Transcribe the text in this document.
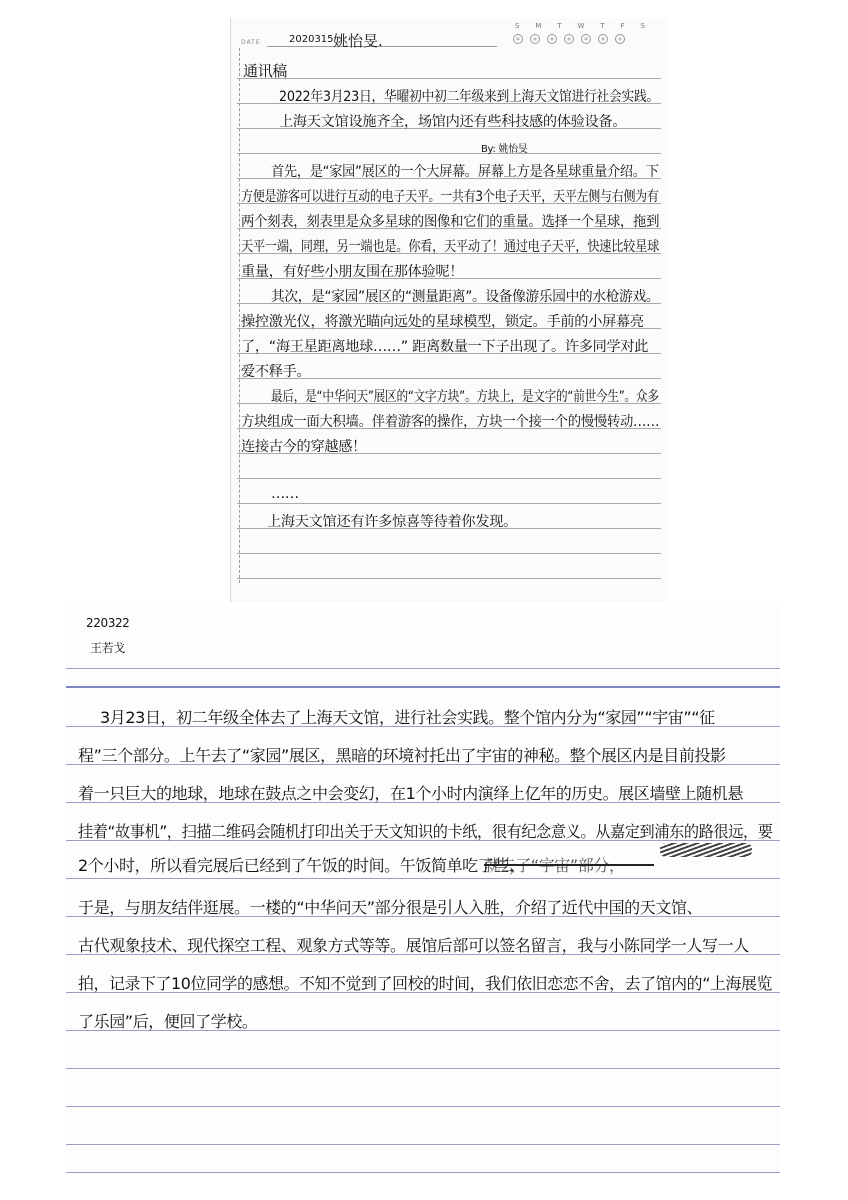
DATE	2020315 姚怡旻.
S M T W T F S
通讯稿
2022年3月23日，华曜初中初二年级来到上海天文馆进行社会实践。
上海天文馆设施齐全，场馆内还有些科技感的体验设备。
By: 姚怡旻
首先，是“家园”展区的一个大屏幕。屏幕上方是各星球重量介绍。下
方便是游客可以进行互动的电子天平。一共有3个电子天平，天平左侧与右侧为有
两个刻表，刻表里是众多星球的图像和它们的重量。选择一个星球，拖到
天平一端，同理，另一端也是。你看，天平动了！通过电子天平，快速比较星球
重量，有好些小朋友围在那体验呢！
其次，是“家园”展区的“测量距离”。设备像游乐园中的水枪游戏。
操控激光仪，将激光瞄向远处的星球模型，锁定。手前的小屏幕亮
了，“海王星距离地球……” 距离数量一下子出现了。许多同学对此
爱不释手。
最后，是“中华问天”展区的“文字方块”。方块上，是文字的“前世今生”。众多
方块组成一面大积墙。伴着游客的操作，方块一个接一个的慢慢转动……
连接古今的穿越感！
……
上海天文馆还有许多惊喜等待着你发现。
220322
王若戈
3月23日，初二年级全体去了上海天文馆，进行社会实践。整个馆内分为“家园”“宇宙”“征
程”三个部分。上午去了“家园”展区，黑暗的环境衬托出了宇宙的神秘。整个展区内是目前投影
着一只巨大的地球，地球在鼓点之中会变幻，在1个小时内演绎上亿年的历史。展区墙壁上随机悬
挂着“故事机”，扫描二维码会随机打印出关于天文知识的卡纸，很有纪念意义。从嘉定到浦东的路很远，要
2个小时，所以看完展后已经到了午饭的时间。午饭简单吃了些，
就去了“宇宙”部分，
于是，与朋友结伴逛展。一楼的“中华问天”部分很是引人入胜，介绍了近代中国的天文馆、
古代观象技术、现代探空工程、观象方式等等。展馆后部可以签名留言，我与小陈同学一人写一人
拍，记录下了10位同学的感想。不知不觉到了回校的时间，我们依旧恋恋不舍，去了馆内的“上海展览
了乐园”后，便回了学校。
